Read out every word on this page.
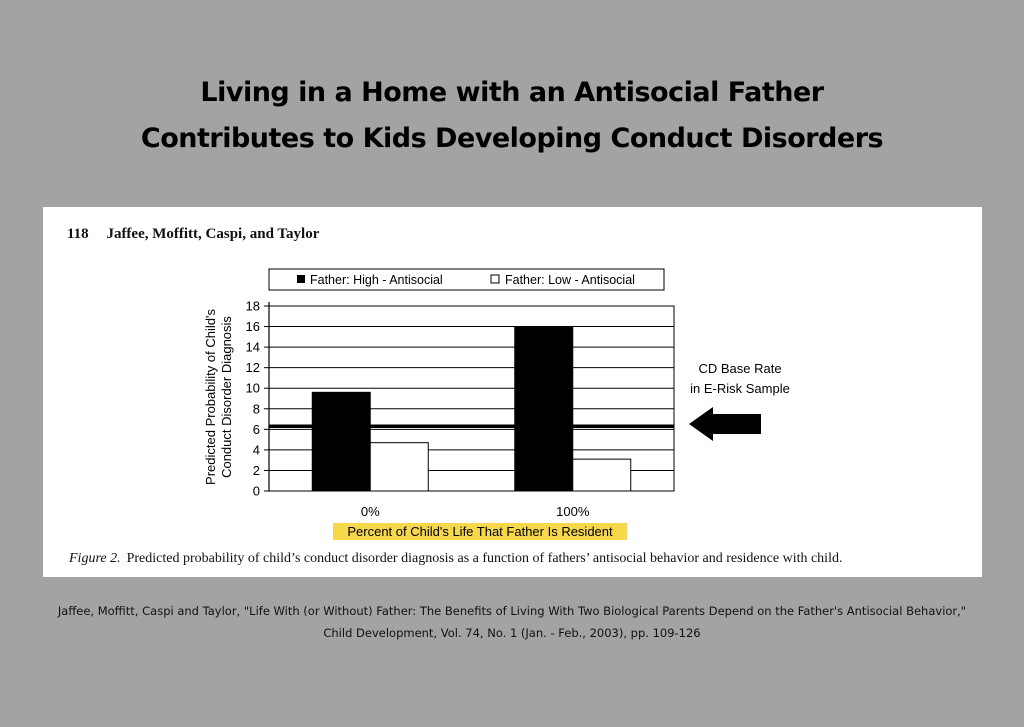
Living in a Home with an Antisocial Father
Contributes to Kids Developing Conduct Disorders
118 Jaffee, Moffitt, Caspi, and Taylor
Father: High - Antisocial	Father: Low - Antisocial
0
2
4
6
8
10
12
14
16
18
0%	100%
Predicted Probability of Child's Conduct Disorder Diagnosis
Percent of Child's Life That Father Is Resident
CD Base Rate
in E-Risk Sample
Figure 2. Predicted probability of child’s conduct disorder diagnosis as a function of fathers’ antisocial behavior and residence with child.
Jaffee, Moffitt, Caspi and Taylor, "Life With (or Without) Father: The Benefits of Living With Two Biological Parents Depend on the Father's Antisocial Behavior,"
Child Development, Vol. 74, No. 1 (Jan. - Feb., 2003), pp. 109-126
